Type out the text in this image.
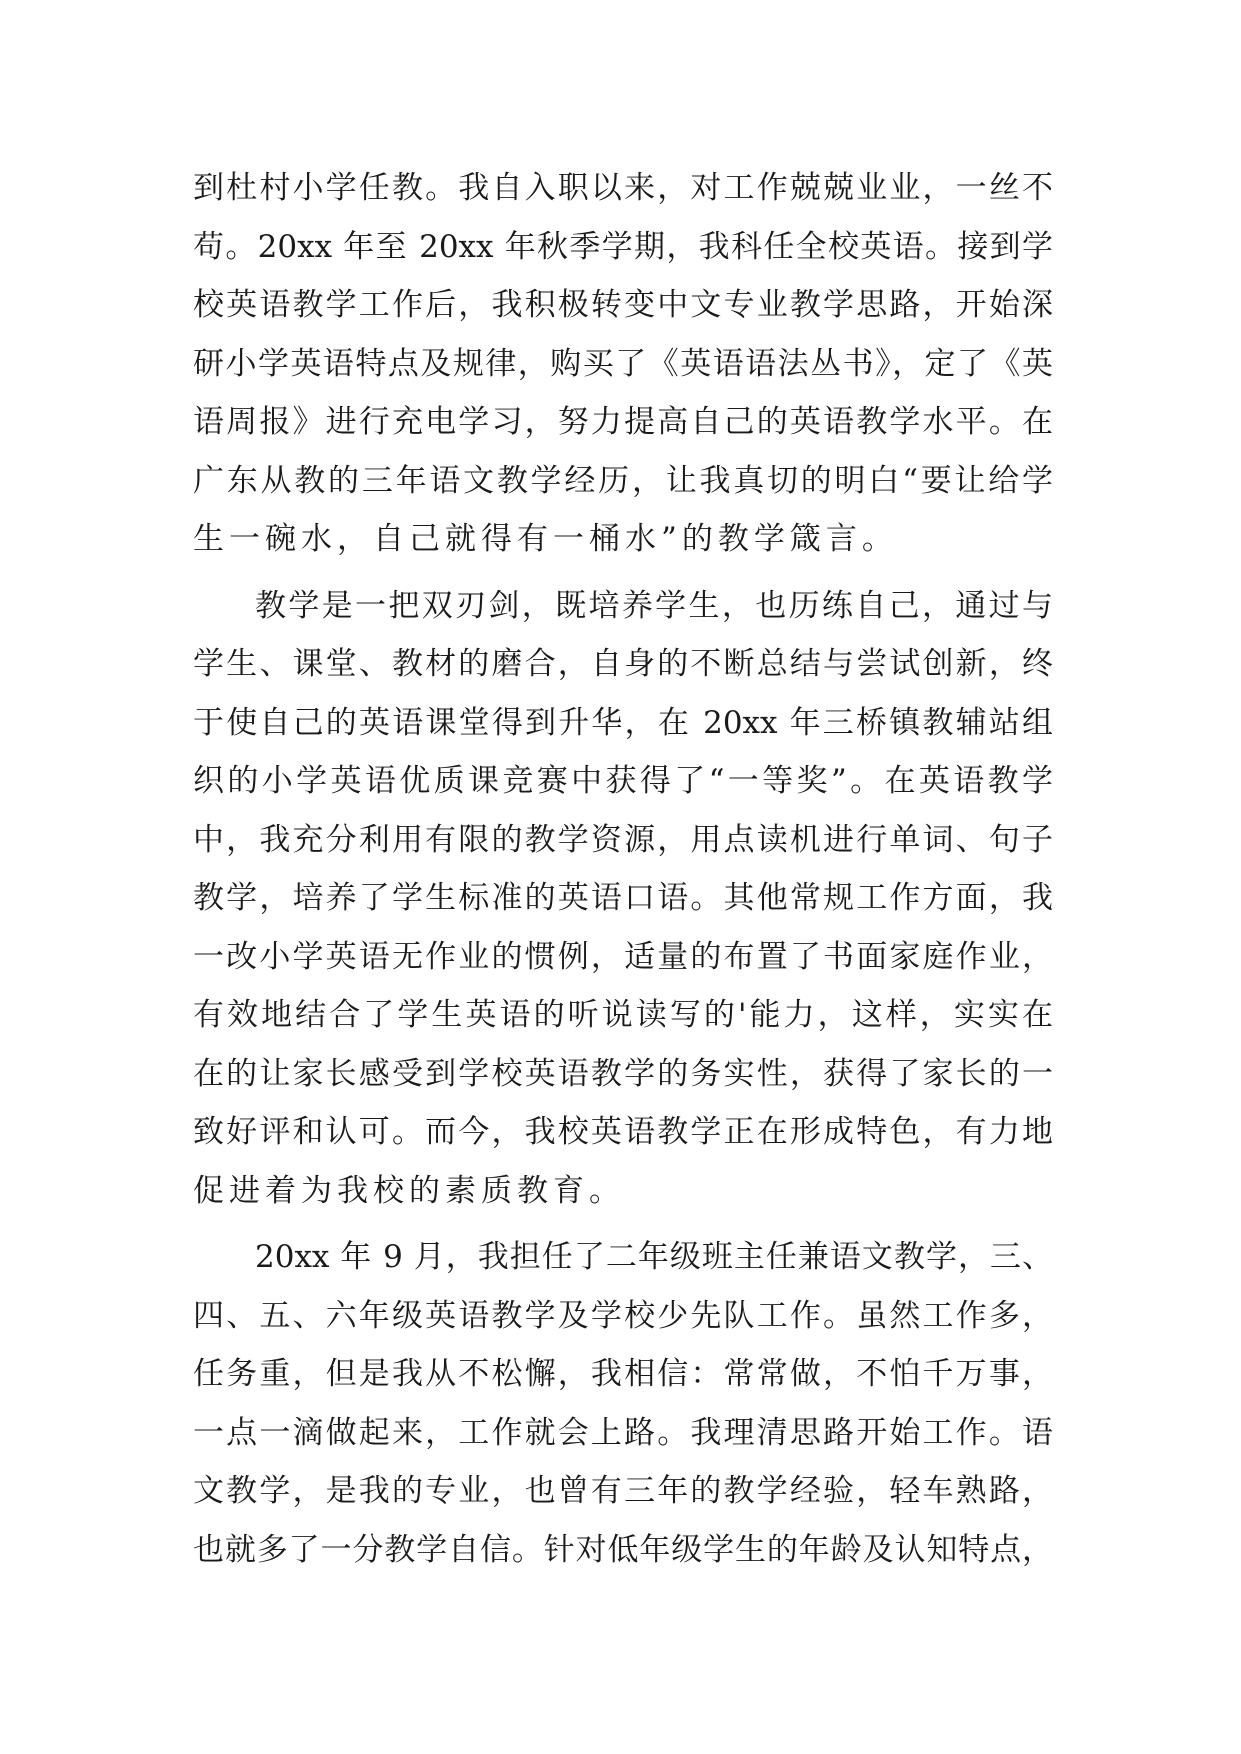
到杜村小学任教。我自入职以来，对工作兢兢业业，一丝不
苟。20xx 年至 20xx 年秋季学期，我科任全校英语。接到学
校英语教学工作后，我积极转变中文专业教学思路，开始深
研小学英语特点及规律，购买了《英语语法丛书》，定了《英
语周报》进行充电学习，努力提高自己的英语教学水平。在
广东从教的三年语文教学经历，让我真切的明白“要让给学
生一碗水，自己就得有一桶水”的教学箴言。
教学是一把双刃剑，既培养学生，也历练自己，通过与
学生、课堂、教材的磨合，自身的不断总结与尝试创新，终
于使自己的英语课堂得到升华，在 20xx 年三桥镇教辅站组
织的小学英语优质课竞赛中获得了“一等奖”。在英语教学
中，我充分利用有限的教学资源，用点读机进行单词、句子
教学，培养了学生标准的英语口语。其他常规工作方面，我
一改小学英语无作业的惯例，适量的布置了书面家庭作业，
有效地结合了学生英语的听说读写的'能力，这样，实实在
在的让家长感受到学校英语教学的务实性，获得了家长的一
致好评和认可。而今，我校英语教学正在形成特色，有力地
促进着为我校的素质教育。
20xx 年 9 月，我担任了二年级班主任兼语文教学，三、
四、五、六年级英语教学及学校少先队工作。虽然工作多，
任务重，但是我从不松懈，我相信：常常做，不怕千万事，
一点一滴做起来，工作就会上路。我理清思路开始工作。语
文教学，是我的专业，也曾有三年的教学经验，轻车熟路，
也就多了一分教学自信。针对低年级学生的年龄及认知特点，
